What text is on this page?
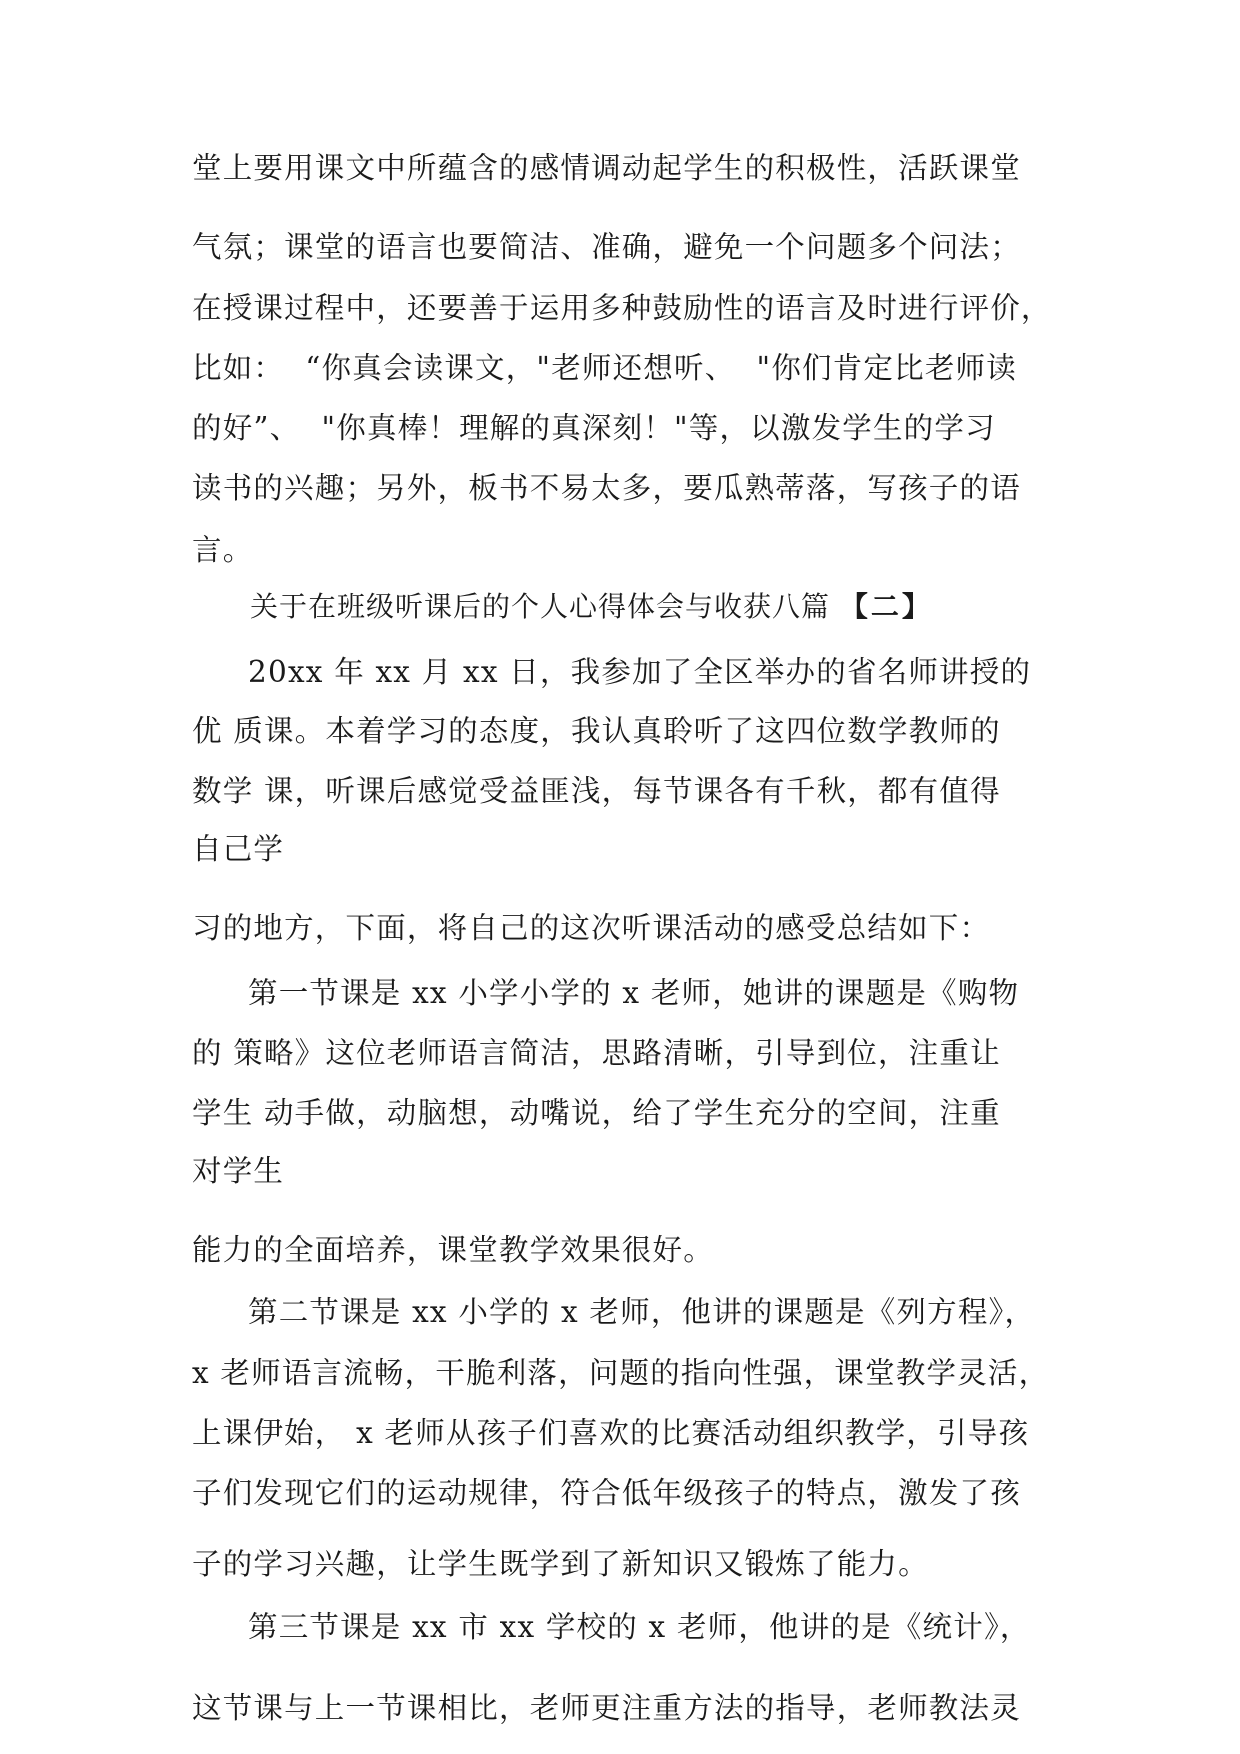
堂上要用课文中所蕴含的感情调动起学生的积极性，活跃课堂
气氛；课堂的语言也要简洁、准确，避免一个问题多个问法；
在授课过程中，还要善于运用多种鼓励性的语言及时进行评价，
比如：  “你真会读课文，"老师还想听、  "你们肯定比老师读
的好”、  "你真棒！理解的真深刻！"等，以激发学生的学习
读书的兴趣；另外，板书不易太多，要瓜熟蒂落，写孩子的语
言。
关于在班级听课后的个人心得体会与收获八篇 【二】
20xx 年 xx 月 xx 日，我参加了全区举办的省名师讲授的
优 质课。本着学习的态度，我认真聆听了这四位数学教师的
数学 课，听课后感觉受益匪浅，每节课各有千秋，都有值得
自己学
习的地方，下面，将自己的这次听课活动的感受总结如下：
第一节课是 xx 小学小学的 x 老师，她讲的课题是《购物
的 策略》这位老师语言简洁，思路清晰，引导到位，注重让
学生 动手做，动脑想，动嘴说，给了学生充分的空间，注重
对学生
能力的全面培养，课堂教学效果很好。
第二节课是 xx 小学的 x 老师，他讲的课题是《列方程》，
x 老师语言流畅，干脆利落，问题的指向性强，课堂教学灵活，
上课伊始， x 老师从孩子们喜欢的比赛活动组织教学，引导孩
子们发现它们的运动规律，符合低年级孩子的特点，激发了孩
子的学习兴趣，让学生既学到了新知识又锻炼了能力。
第三节课是 xx 市 xx 学校的 x 老师，他讲的是《统计》，
这节课与上一节课相比，老师更注重方法的指导，老师教法灵
